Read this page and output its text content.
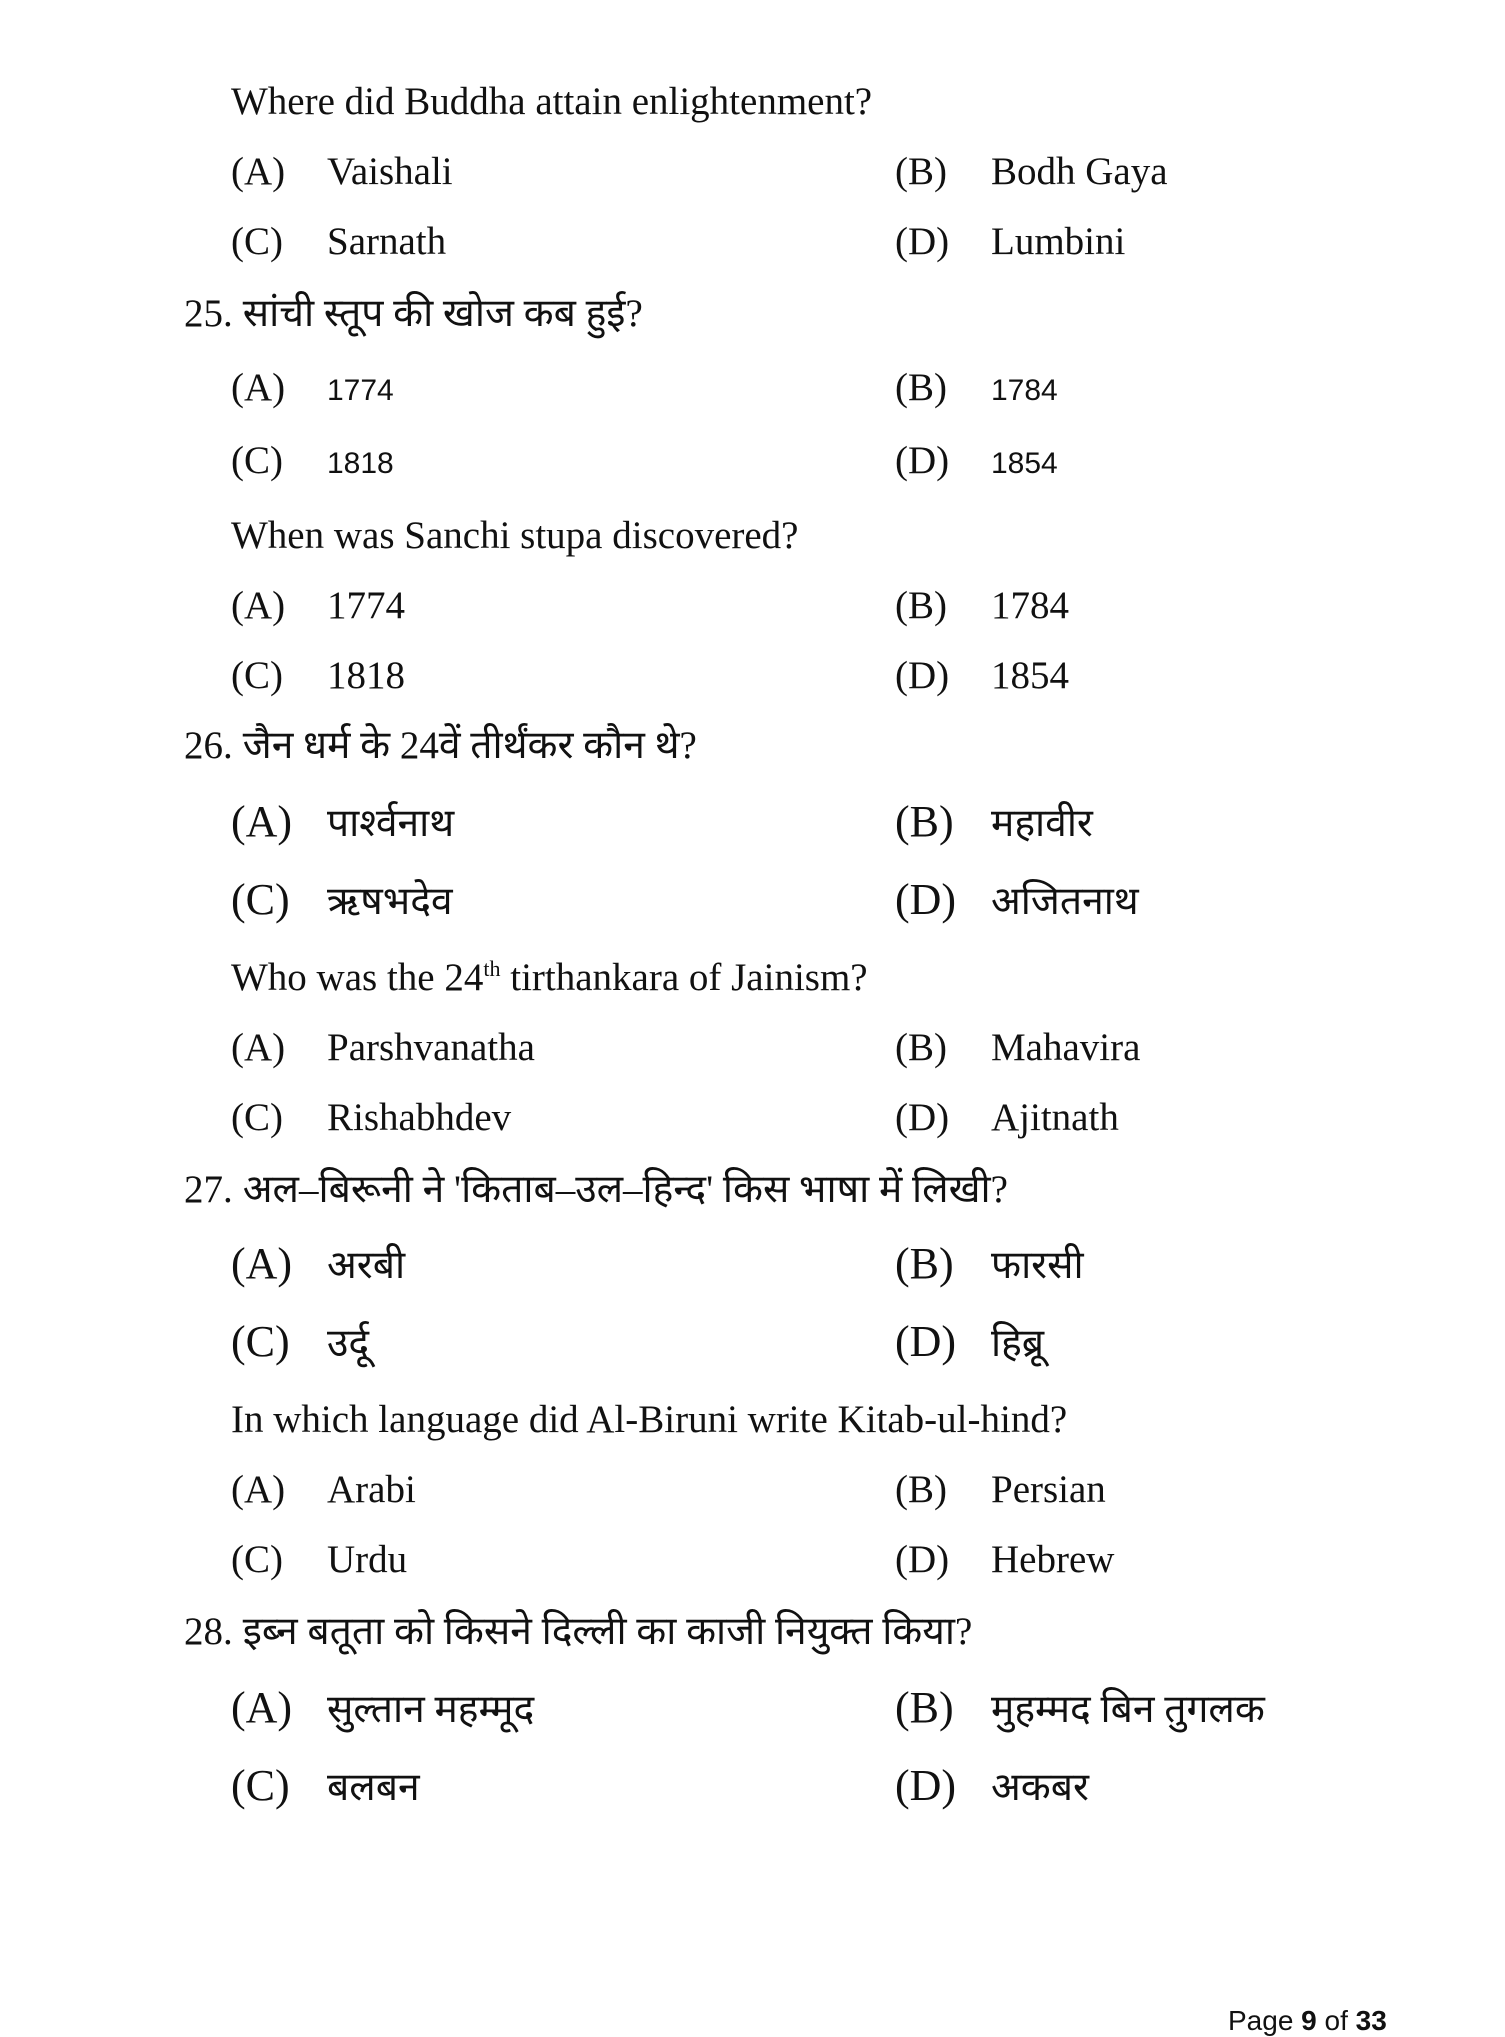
Where did Buddha attain enlightenment?
(A) Vaishali	(B) Bodh Gaya
(C) Sarnath	(D) Lumbini
25. सांची स्तूप की खोज कब हुई?
(A) 1774	(B) 1784
(C) 1818	(D) 1854
When was Sanchi stupa discovered?
(A) 1774	(B) 1784
(C) 1818	(D) 1854
26. जैन धर्म के 24वें तीर्थंकर कौन थे?
(A) पार्श्वनाथ	(B) महावीर
(C) ऋषभदेव	(D) अजितनाथ
Who was the 24th tirthankara of Jainism?
(A) Parshvanatha	(B) Mahavira
(C) Rishabhdev	(D) Ajitnath
27. अल–बिरूनी ने 'किताब–उल–हिन्द' किस भाषा में लिखी?
(A) अरबी	(B) फारसी
(C) उर्दू	(D) हिब्रू
In which language did Al-Biruni write Kitab-ul-hind?
(A) Arabi	(B) Persian
(C) Urdu	(D) Hebrew
28. इब्न बतूता को किसने दिल्ली का काजी नियुक्त किया?
(A) सुल्तान महम्मूद	(B) मुहम्मद बिन तुगलक
(C) बलबन	(D) अकबर
Page 9 of 33
